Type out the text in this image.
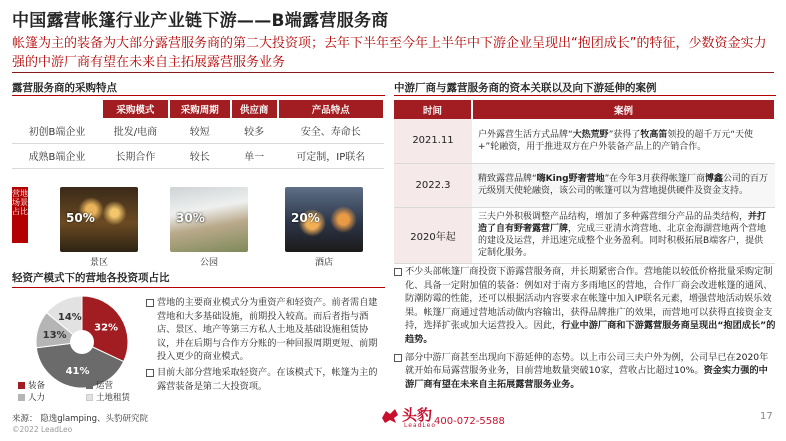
中国露营帐篷行业产业链下游——B端露营服务商
帐篷为主的装备为大部分露营服务商的第二大投资项；去年下半年至今年上半年中下游企业呈现出“抱团成长”的特征，少数资金实力强的中游厂商有望在未来自主拓展露营服务业务
露营服务商的采购特点
	采购模式	采购周期	供应商	产品特点
初创B端企业	批发/电商	较短	较多	安全、寿命长
成熟B端企业	长期合作	较长	单一	可定制，IP联名
营地场景占比	50%
景区
30%
公园
20%
酒店
轻资产模式下的营地各投资项占比
32%
41%
13%
14%
装备	运营
人力	土地租赁

营地的主要商业模式分为重资产和轻资产。前者需自建营地和大多基础设施，前期投入较高。而后者指与酒店、景区、地产等第三方私人土地及基础设施租赁协议，并在后期与合作方分账的一种回报周期更短、前期投入更少的商业模式。

目前大部分营地采取轻资产。在该模式下，帐篷为主的露营装备是第二大投资项。

中游厂商与露营服务商的资本关联以及向下游延伸的案例
时间	案例
2021.11	户外露营生活方式品牌“大热荒野”获得了牧高笛领投的超千万元“天使+”轮融资，用于推进双方在户外装备产品上的产销合作。
2022.3	精致露营品牌“嗨King野奢营地”在今年3月获得帐篷厂商博鑫公司的百万元级别天使轮融资，该公司的帐篷可以为营地提供硬件及资金支持。
2020年起	三夫户外积极调整产品结构，增加了多种露营细分产品的品类结构，并打造了自有野奢露营厂牌，完成三亚清水湾营地、北京金海湖营地两个营地的建设及运营，并迅速完成整个业务盈利。同时积极拓展B端客户，提供定制化服务。

不少头部帐篷厂商投资下游露营服务商，并长期紧密合作。营地能以较低价格批量采购定制化、具备一定附加值的装备：例如对于南方多雨地区的营地，合作厂商会改进帐篷的通风、防潮防霉的性能，还可以根据活动内容要求在帐篷中加入IP联名元素，增强营地活动娱乐效果。帐篷厂商通过营地活动做内容输出，获得品牌推广的效果，而营地可以获得直接资金支持，选择扩张或加大运营投入。因此，行业中游厂商和下游露营服务商呈现出“抱团成长”的趋势。

部分中游厂商甚至出现向下游延伸的态势。以上市公司三夫户外为例，公司早已在2020年就开始布局露营服务业务，目前营地数量突破10家，营收占比超过10%。资金实力强的中游厂商有望在未来自主拓展露营服务业务。

来源： 隐逸glamping、头豹研究院
©2022 LeadLeo
头豹
LeadLeo
400-072-5588	17
